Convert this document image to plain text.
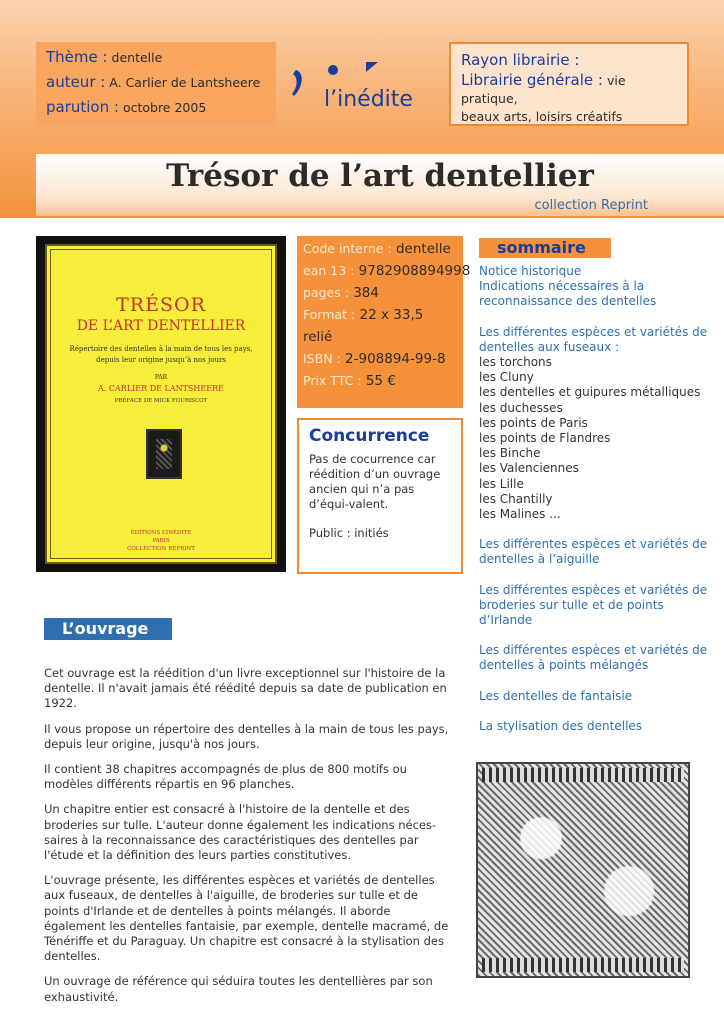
Thème : dentelle
auteur : A. Carlier de Lantsheere
parution : octobre 2005	l’inédite
Rayon librairie :
Librairie générale : vie pratique,
beaux arts, loisirs créatifs
Trésor de l’art dentellier
collection Reprint
TRÉSOR
DE L’ART DENTELLIER
Répertoire des dentelles à la main de tous les pays, depuis leur origine jusqu’à nos jours
PAR
A. CARLIER DE LANTSHEERE
PRÉFACE DE MICK FOURISCOT
ÉDITIONS L’INÉDITE
PARIS
COLLECTION REPRINT
Code interne : dentelle
ean 13 : 9782908894998
pages : 384
Format : 22 x 33,5
relié
ISBN : 2-908894-99-8
Prix TTC : 55 €
Concurrence
Pas de cocurrence car réédition d’un ouvrage ancien qui n’a pas d’équi-valent.
Public : initiés
sommaire
Notice historique
Indications nécessaires à la reconnaissance des dentelles
Les différentes espèces et variétés de dentelles aux fuseaux :
les torchons
les Cluny
les dentelles et guipures métalliques
les duchesses
les points de Paris
les points de Flandres
les Binche
les Valenciennes
les Lille
les Chantilly
les Malines ...
Les différentes espèces et variétés de dentelles à l’aiguille
Les différentes espèces et variétés de broderies sur tulle et de points d’Irlande
Les différentes espèces et variétés de dentelles à points mélangés
Les dentelles de fantaisie
La stylisation des dentelles
L’ouvrage

Cet ouvrage est la réédition d'un livre exceptionnel sur l'histoire de la dentelle. Il n'avait jamais été réédité depuis sa date de publication en 1922.

Il vous propose un répertoire des dentelles à la main de tous les pays, depuis leur origine, jusqu'à nos jours.

Il contient 38 chapitres accompagnés de plus de 800 motifs ou modèles différents répartis en 96 planches.

Un chapitre entier est consacré à l'histoire de la dentelle et des broderies sur tulle. L'auteur donne également les indications néces-saires à la reconnaissance des caractéristiques des dentelles par l'étude et la définition des leurs parties constitutives.

L'ouvrage présente, les différentes espèces et variétés de dentelles aux fuseaux, de dentelles à l'aiguille, de broderies sur tulle et de points d'Irlande et de dentelles à points mélangés. Il aborde également les dentelles fantaisie, par exemple, dentelle macramé, de Ténériffe et du Paraguay. Un chapitre est consacré à la stylisation des dentelles.

Un ouvrage de référence qui séduira toutes les dentellières par son exhaustivité.
